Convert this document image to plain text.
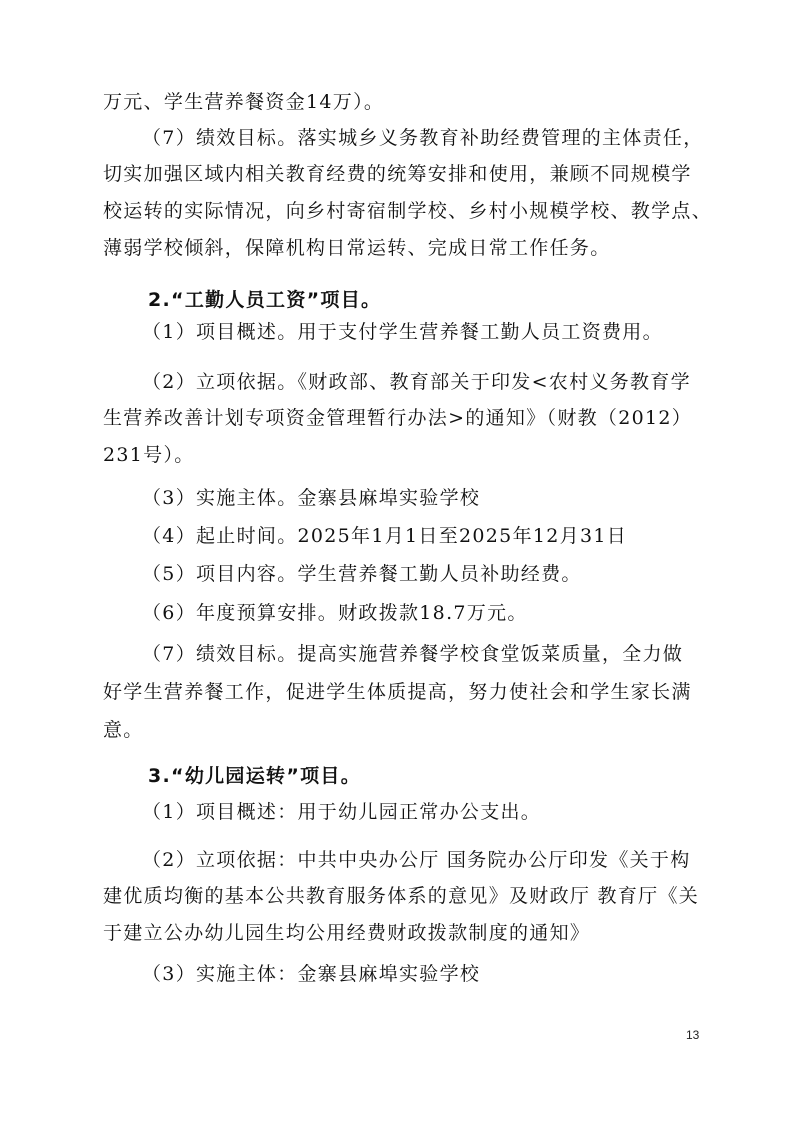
万元、学生营养餐资金14万）。
（7）绩效目标。落实城乡义务教育补助经费管理的主体责任，
切实加强区域内相关教育经费的统筹安排和使用，兼顾不同规模学
校运转的实际情况，向乡村寄宿制学校、乡村小规模学校、教学点、
薄弱学校倾斜，保障机构日常运转、完成日常工作任务。
2.“工勤人员工资”项目。
（1）项目概述。用于支付学生营养餐工勤人员工资费用。
（2）立项依据。《财政部、教育部关于印发<农村义务教育学
生营养改善计划专项资金管理暂行办法>的通知》（财教（2012）
231号）。
（3）实施主体。金寨县麻埠实验学校
（4）起止时间。2025年1月1日至2025年12月31日
（5）项目内容。学生营养餐工勤人员补助经费。
（6）年度预算安排。财政拨款18.7万元。
（7）绩效目标。提高实施营养餐学校食堂饭菜质量，全力做
好学生营养餐工作，促进学生体质提高，努力使社会和学生家长满
意。
3.“幼儿园运转”项目。
（1）项目概述：用于幼儿园正常办公支出。
（2）立项依据：中共中央办公厅 国务院办公厅印发《关于构
建优质均衡的基本公共教育服务体系的意见》及财政厅 教育厅《关
于建立公办幼儿园生均公用经费财政拨款制度的通知》
（3）实施主体：金寨县麻埠实验学校
13
